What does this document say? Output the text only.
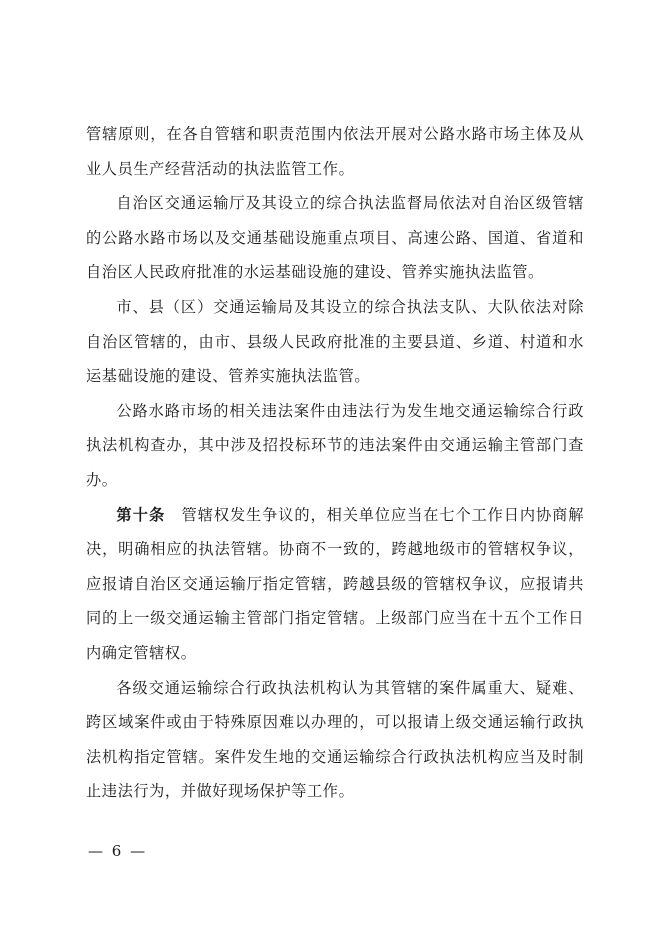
管辖原则，在各自管辖和职责范围内依法开展对公路水路市场主体及从业人员生产经营活动的执法监管工作。

自治区交通运输厅及其设立的综合执法监督局依法对自治区级管辖的公路水路市场以及交通基础设施重点项目、高速公路、国道、省道和自治区人民政府批准的水运基础设施的建设、管养实施执法监管。

市、县（区）交通运输局及其设立的综合执法支队、大队依法对除自治区管辖的，由市、县级人民政府批准的主要县道、乡道、村道和水运基础设施的建设、管养实施执法监管。

公路水路市场的相关违法案件由违法行为发生地交通运输综合行政执法机构查办，其中涉及招投标环节的违法案件由交通运输主管部门查办。

第十条 管辖权发生争议的，相关单位应当在七个工作日内协商解决，明确相应的执法管辖。协商不一致的，跨越地级市的管辖权争议，应报请自治区交通运输厅指定管辖，跨越县级的管辖权争议，应报请共同的上一级交通运输主管部门指定管辖。上级部门应当在十五个工作日内确定管辖权。

各级交通运输综合行政执法机构认为其管辖的案件属重大、疑难、跨区域案件或由于特殊原因难以办理的，可以报请上级交通运输行政执法机构指定管辖。案件发生地的交通运输综合行政执法机构应当及时制止违法行为，并做好现场保护等工作。

— 6 —
